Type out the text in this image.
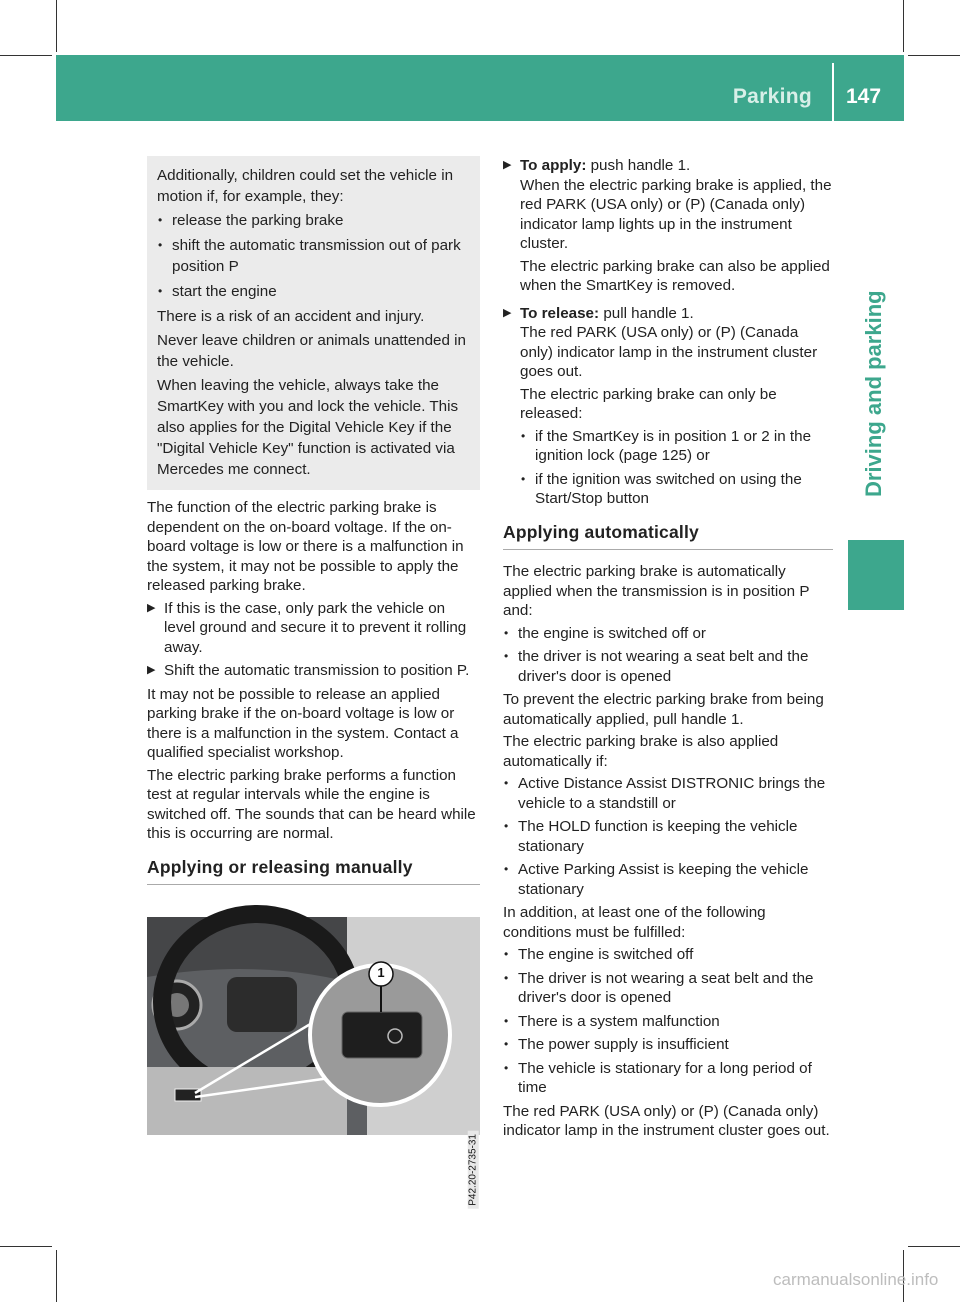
Parking 147
Driving and parking

Additionally, children could set the vehicle in motion if, for example, they:

• release the parking brake
• shift the automatic transmission out of park position P
• start the engine

There is a risk of an accident and injury.

Never leave children or animals unattended in the vehicle.

When leaving the vehicle, always take the SmartKey with you and lock the vehicle. This also applies for the Digital Vehicle Key if the "Digital Vehicle Key" function is activated via Mercedes me connect.

The function of the electric parking brake is dependent on the on-board voltage. If the on-board voltage is low or there is a malfunction in the system, it may not be possible to apply the released parking brake.

▶ If this is the case, only park the vehicle on level ground and secure it to prevent it rolling away.
▶ Shift the automatic transmission to position P.

It may not be possible to release an applied parking brake if the on-board voltage is low or there is a malfunction in the system. Contact a qualified specialist workshop.

The electric parking brake performs a function test at regular intervals while the engine is switched off. The sounds that can be heard while this is occurring are normal.

Applying or releasing manually
1
P42.20-2735-31
▶ To apply: push handle 1.
When the electric parking brake is applied, the red PARK (USA only) or (P) (Canada only) indicator lamp lights up in the instrument cluster.

The electric parking brake can also be applied when the SmartKey is removed.

▶ To release: pull handle 1.
The red PARK (USA only) or (P) (Canada only) indicator lamp in the instrument cluster goes out.

The electric parking brake can only be released:

• if the SmartKey is in position 1 or 2 in the ignition lock (page 125) or
• if the ignition was switched on using the Start/Stop button
Applying automatically

The electric parking brake is automatically applied when the transmission is in position P and:

• the engine is switched off or
• the driver is not wearing a seat belt and the driver's door is opened

To prevent the electric parking brake from being automatically applied, pull handle 1.

The electric parking brake is also applied automatically if:

• Active Distance Assist DISTRONIC brings the vehicle to a standstill or
• The HOLD function is keeping the vehicle stationary
• Active Parking Assist is keeping the vehicle stationary

In addition, at least one of the following conditions must be fulfilled:

• The engine is switched off
• The driver is not wearing a seat belt and the driver's door is opened
• There is a system malfunction
• The power supply is insufficient
• The vehicle is stationary for a long period of time

The red PARK (USA only) or (P) (Canada only) indicator lamp in the instrument cluster goes out.

carmanualsonline.info
